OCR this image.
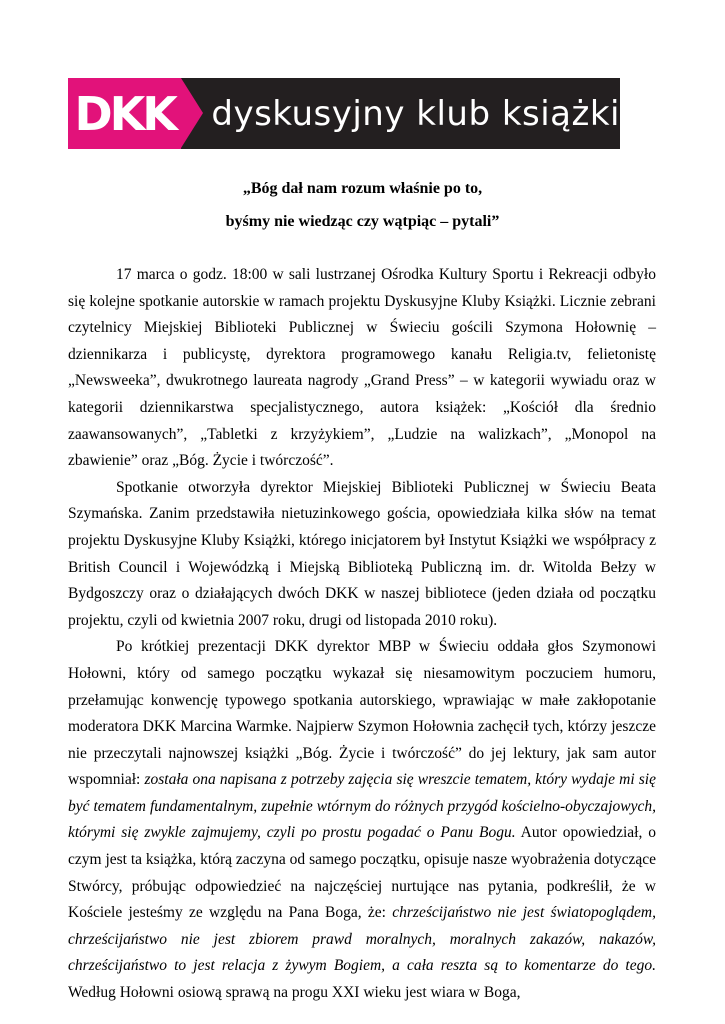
DKK dyskusyjny klub książki
„Bóg dał nam rozum właśnie po to,
byśmy nie wiedząc czy wątpiąc – pytali”

17 marca o godz. 18:00 w sali lustrzanej Ośrodka Kultury Sportu i Rekreacji odbyło się kolejne spotkanie autorskie w ramach projektu Dyskusyjne Kluby Książki. Licznie zebrani czytelnicy Miejskiej Biblioteki Publicznej w Świeciu gościli Szymona Hołownię – dziennikarza i publicystę, dyrektora programowego kanału Religia.tv, felietonistę „Newsweeka”, dwukrotnego laureata nagrody „Grand Press” – w kategorii wywiadu oraz w kategorii dziennikarstwa specjalistycznego, autora książek: „Kościół dla średnio zaawansowanych”, „Tabletki z krzyżykiem”, „Ludzie na walizkach”, „Monopol na zbawienie” oraz „Bóg. Życie i twórczość”.

Spotkanie otworzyła dyrektor Miejskiej Biblioteki Publicznej w Świeciu Beata Szymańska. Zanim przedstawiła nietuzinkowego gościa, opowiedziała kilka słów na temat projektu Dyskusyjne Kluby Książki, którego inicjatorem był Instytut Książki we współpracy z British Council i Wojewódzką i Miejską Biblioteką Publiczną im. dr. Witolda Bełzy w Bydgoszczy oraz o działających dwóch DKK w naszej bibliotece (jeden działa od początku projektu, czyli od kwietnia 2007 roku, drugi od listopada 2010 roku).

Po krótkiej prezentacji DKK dyrektor MBP w Świeciu oddała głos Szymonowi Hołowni, który od samego początku wykazał się niesamowitym poczuciem humoru, przełamując konwencję typowego spotkania autorskiego, wprawiając w małe zakłopotanie moderatora DKK Marcina Warmke. Najpierw Szymon Hołownia zachęcił tych, którzy jeszcze nie przeczytali najnowszej książki „Bóg. Życie i twórczość” do jej lektury, jak sam autor wspomniał: została ona napisana z potrzeby zajęcia się wreszcie tematem, który wydaje mi się być tematem fundamentalnym, zupełnie wtórnym do różnych przygód kościelno-obyczajowych, którymi się zwykle zajmujemy, czyli po prostu pogadać o Panu Bogu. Autor opowiedział, o czym jest ta książka, którą zaczyna od samego początku, opisuje nasze wyobrażenia dotyczące Stwórcy, próbując odpowiedzieć na najczęściej nurtujące nas pytania, podkreślił, że w Kościele jesteśmy ze względu na Pana Boga, że: chrześcijaństwo nie jest światopoglądem, chrześcijaństwo nie jest zbiorem prawd moralnych, moralnych zakazów, nakazów, chrześcijaństwo to jest relacja z żywym Bogiem, a cała reszta są to komentarze do tego. Według Hołowni osiową sprawą na progu XXI wieku jest wiara w Boga,
